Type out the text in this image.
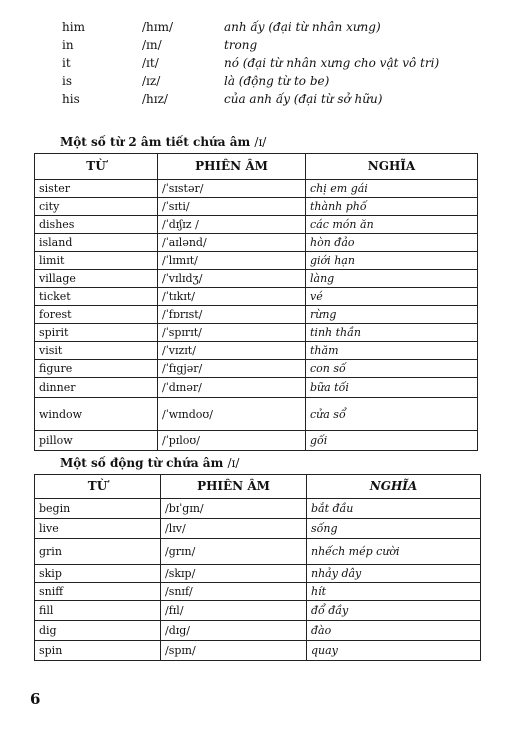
him	/hɪm/	anh ấy (đại từ nhân xưng)
in	/ɪn/	trong
it	/ɪt/	nó (đại từ nhân xưng cho vật vô tri)
is	/ɪz/	là (động từ to be)
his	/hɪz/	của anh ấy (đại từ sở hữu)
Một số từ 2 âm tiết chứa âm /ɪ/
TỪ	PHIÊN ÂM	NGHĨA
sister	/ˈsɪstər/	chị em gái
city	/ˈsɪti/	thành phố
dishes	/ˈdɪʃɪz /	các món ăn
island	/ˈaɪlənd/	hòn đảo
limit	/ˈlɪmɪt/	giới hạn
village	/ˈvɪlɪdʒ/	làng
ticket	/ˈtɪkɪt/	vé
forest	/ˈfɒrɪst/	rừng
spirit	/ˈspɪrɪt/	tinh thần
visit	/ˈvɪzɪt/	thăm
figure	/ˈfɪgjər/	con số
dinner	/ˈdɪnər/	bữa tối
window	/ˈwɪndoʊ/	cửa sổ
pillow	/ˈpɪloʊ/	gối
Một số động từ chứa âm /ɪ/
TỪ	PHIÊN ÂM	NGHĨA
begin	/bɪˈgɪn/	bắt đầu
live	/lɪv/	sống
grin	/grɪn/	nhếch mép cười
skip	/skɪp/	nhảy dây
sniff	/snɪf/	hít
fill	/fɪl/	đổ đầy
dig	/dɪg/	đào
spin	/spɪn/	quay
6
